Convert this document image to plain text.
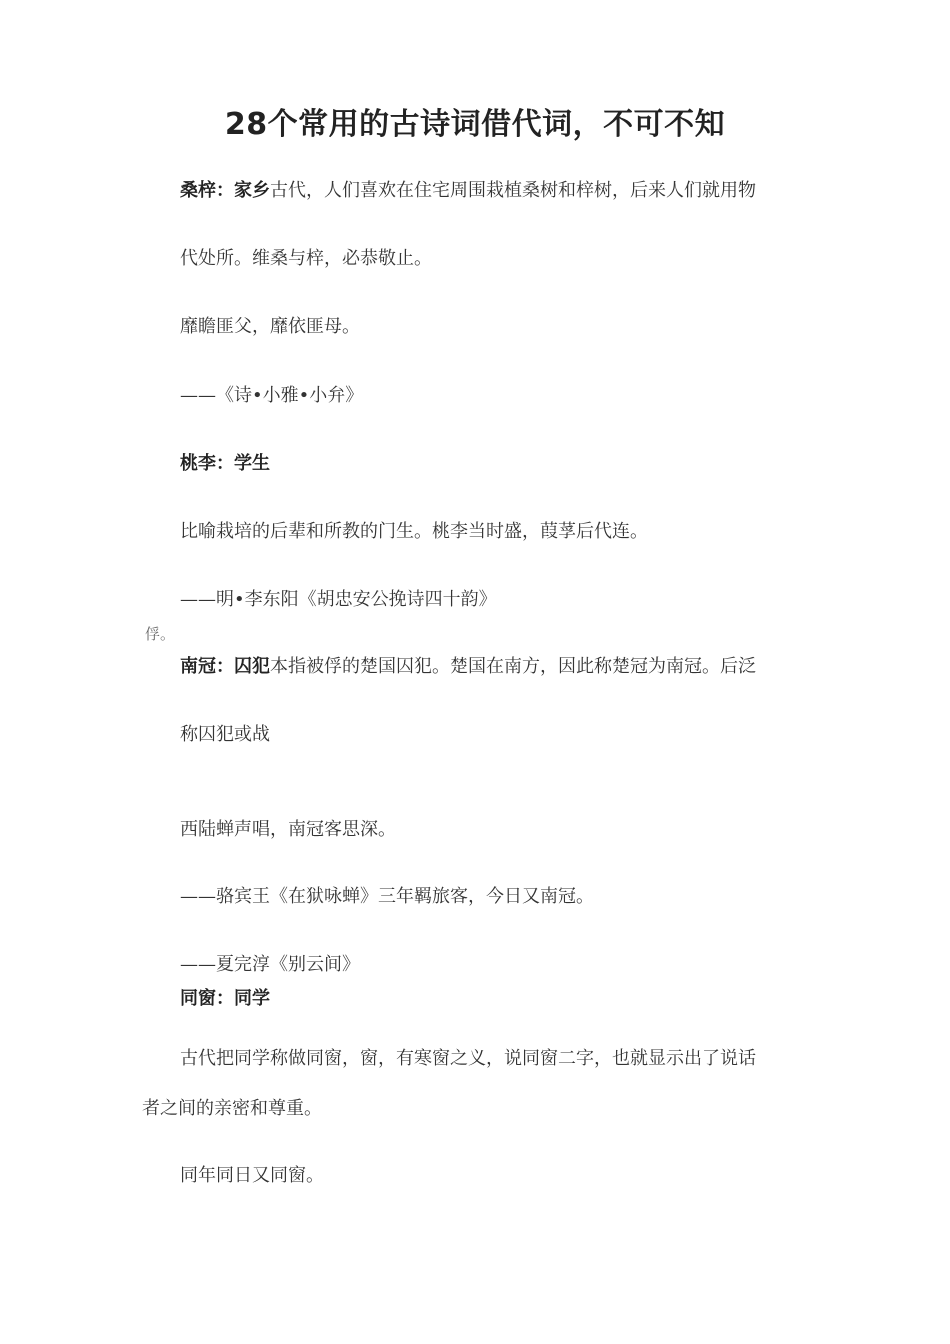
28个常用的古诗词借代词，不可不知
桑梓：家乡古代，人们喜欢在住宅周围栽植桑树和梓树，后来人们就用物
代处所。维桑与梓，必恭敬止。
靡瞻匪父，靡依匪母。
——《诗•小雅•小弁》
桃李：学生
比喻栽培的后辈和所教的门生。桃李当时盛，葭莩后代连。
——明•李东阳《胡忠安公挽诗四十韵》
俘。
南冠：囚犯本指被俘的楚国囚犯。楚国在南方，因此称楚冠为南冠。后泛
称囚犯或战
西陆蝉声唱，南冠客思深。
——骆宾王《在狱咏蝉》三年羁旅客，今日又南冠。
——夏完淳《别云间》
同窗：同学
古代把同学称做同窗，窗，有寒窗之义，说同窗二字，也就显示出了说话
者之间的亲密和尊重。
同年同日又同窗。
